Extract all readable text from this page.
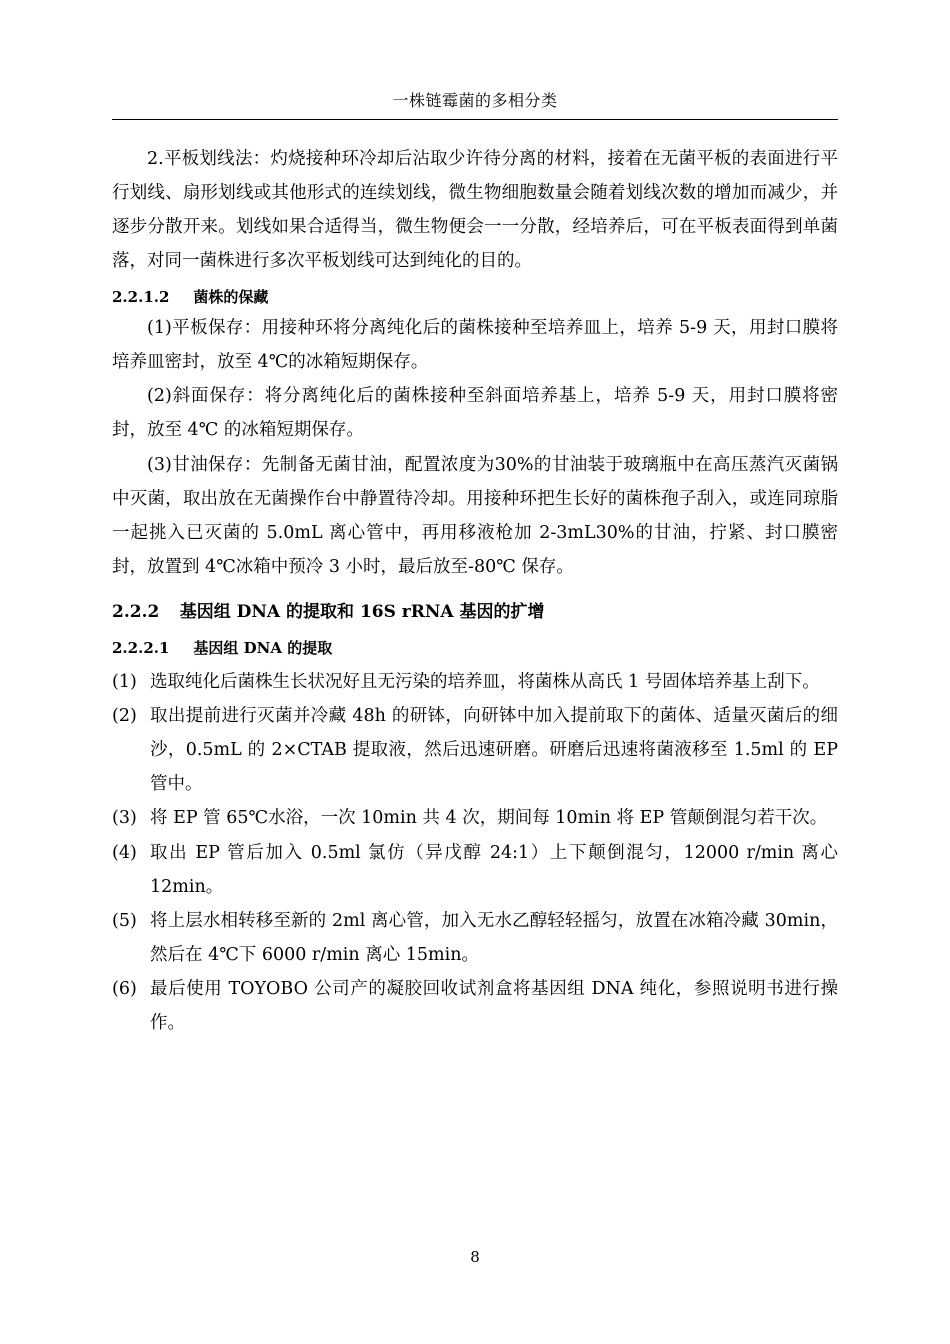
一株链霉菌的多相分类

2.平板划线法：灼烧接种环冷却后沾取少许待分离的材料，接着在无菌平板的表面进行平行划线、扇形划线或其他形式的连续划线，微生物细胞数量会随着划线次数的增加而减少，并逐步分散开来。划线如果合适得当，微生物便会一一分散，经培养后，可在平板表面得到单菌落，对同一菌株进行多次平板划线可达到纯化的目的。

2.2.1.2 菌株的保藏

(1)平板保存：用接种环将分离纯化后的菌株接种至培养皿上，培养 5-9 天，用封口膜将培养皿密封，放至 4℃的冰箱短期保存。

(2)斜面保存：将分离纯化后的菌株接种至斜面培养基上，培养 5-9 天，用封口膜将密封，放至 4℃ 的冰箱短期保存。

(3)甘油保存：先制备无菌甘油，配置浓度为30%的甘油装于玻璃瓶中在高压蒸汽灭菌锅中灭菌，取出放在无菌操作台中静置待冷却。用接种环把生长好的菌株孢子刮入，或连同琼脂一起挑入已灭菌的 5.0mL 离心管中，再用移液枪加 2-3mL30%的甘油，拧紧、封口膜密封，放置到 4℃冰箱中预冷 3 小时，最后放至-80℃ 保存。

2.2.2 基因组 DNA 的提取和 16S rRNA 基因的扩增

2.2.2.1 基因组 DNA 的提取

(1) 选取纯化后菌株生长状况好且无污染的培养皿，将菌株从高氏 1 号固体培养基上刮下。
(2) 取出提前进行灭菌并冷藏 48h 的研钵，向研钵中加入提前取下的菌体、适量灭菌后的细沙，0.5mL 的 2×CTAB 提取液，然后迅速研磨。研磨后迅速将菌液移至 1.5ml 的 EP 管中。
(3) 将 EP 管 65℃水浴，一次 10min 共 4 次，期间每 10min 将 EP 管颠倒混匀若干次。
(4) 取出 EP 管后加入 0.5ml 氯仿（异戊醇 24:1）上下颠倒混匀，12000 r/min 离心 12min。
(5) 将上层水相转移至新的 2ml 离心管，加入无水乙醇轻轻摇匀，放置在冰箱冷藏 30min，然后在 4℃下 6000 r/min 离心 15min。
(6) 最后使用 TOYOBO 公司产的凝胶回收试剂盒将基因组 DNA 纯化，参照说明书进行操作。
8
